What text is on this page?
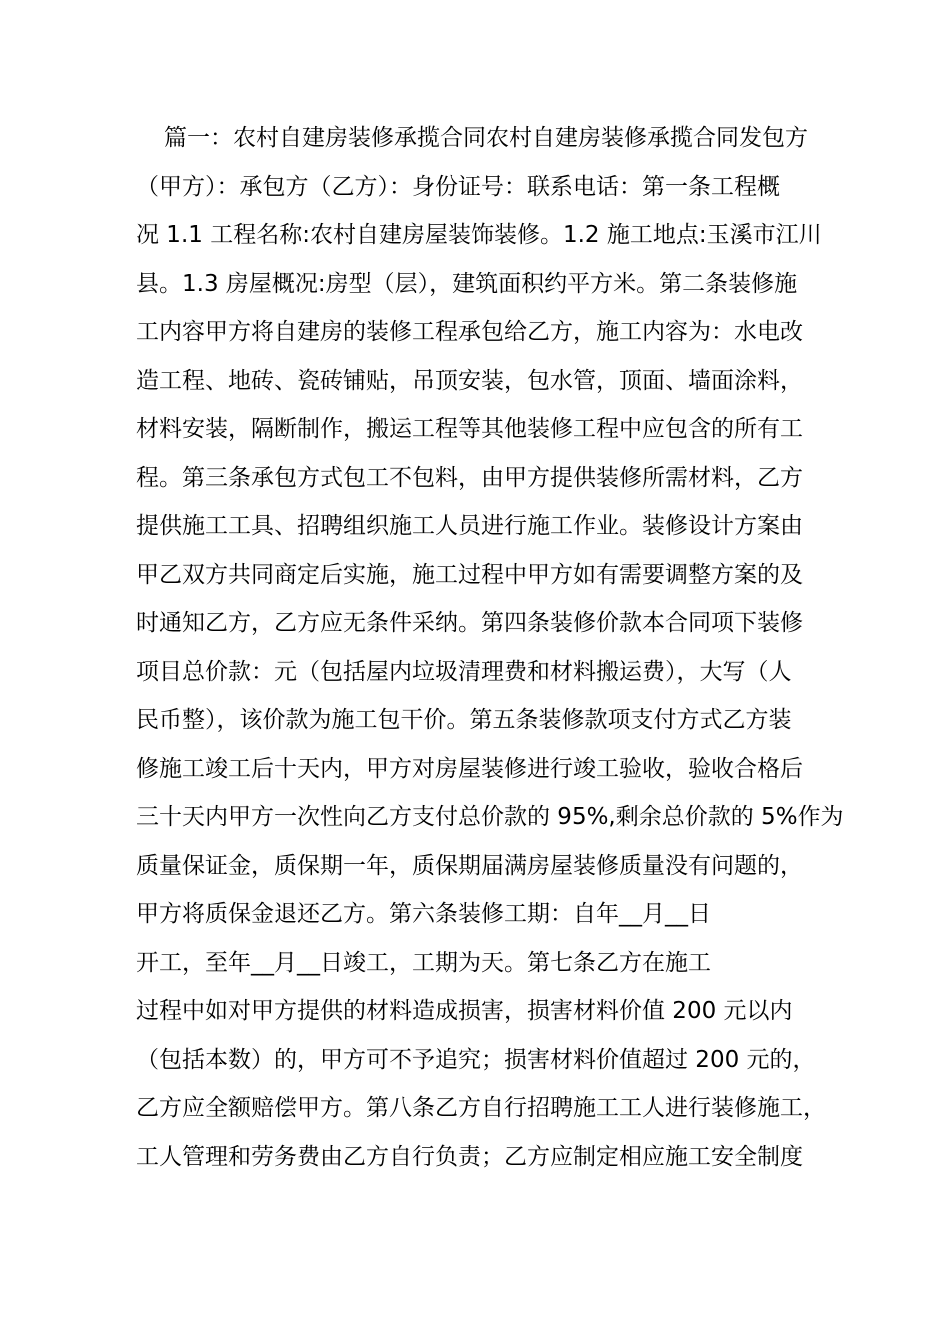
篇一：农村自建房装修承揽合同农村自建房装修承揽合同发包方
（甲方）：承包方（乙方）：身份证号：联系电话：第一条工程概
况 1.1 工程名称:农村自建房屋装饰装修。1.2 施工地点:玉溪市江川
县。1.3 房屋概况:房型（层），建筑面积约平方米。第二条装修施
工内容甲方将自建房的装修工程承包给乙方，施工内容为：水电改
造工程、地砖、瓷砖铺贴，吊顶安装，包水管，顶面、墙面涂料，
材料安装，隔断制作，搬运工程等其他装修工程中应包含的所有工
程。第三条承包方式包工不包料，由甲方提供装修所需材料，乙方
提供施工工具、招聘组织施工人员进行施工作业。装修设计方案由
甲乙双方共同商定后实施，施工过程中甲方如有需要调整方案的及
时通知乙方，乙方应无条件采纳。第四条装修价款本合同项下装修
项目总价款：元（包括屋内垃圾清理费和材料搬运费），大写（人
民币整），该价款为施工包干价。第五条装修款项支付方式乙方装
修施工竣工后十天内，甲方对房屋装修进行竣工验收，验收合格后
三十天内甲方一次性向乙方支付总价款的 95%,剩余总价款的 5%作为
质量保证金，质保期一年，质保期届满房屋装修质量没有问题的，
甲方将质保金退还乙方。第六条装修工期：自年__月__日
开工，至年__月__日竣工，工期为天。第七条乙方在施工
过程中如对甲方提供的材料造成损害，损害材料价值 200 元以内
（包括本数）的，甲方可不予追究；损害材料价值超过 200 元的，
乙方应全额赔偿甲方。第八条乙方自行招聘施工工人进行装修施工，
工人管理和劳务费由乙方自行负责；乙方应制定相应施工安全制度
